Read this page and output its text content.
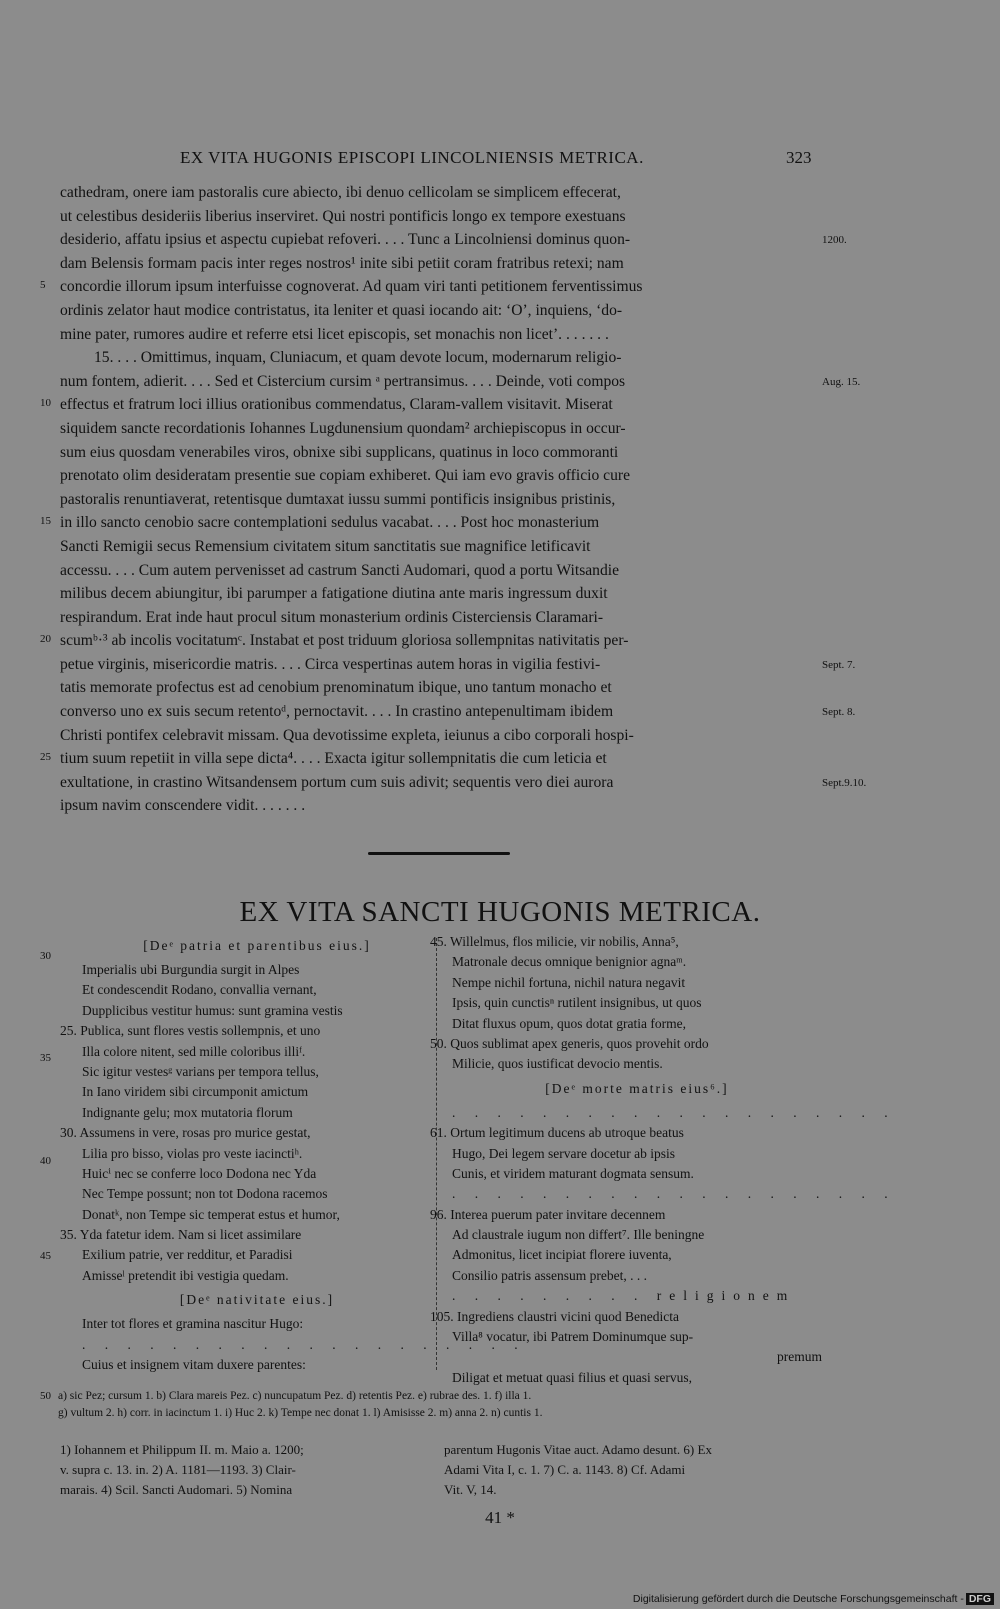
EX VITA HUGONIS EPISCOPI LINCOLNIENSIS METRICA.	323
cathedram, onere iam pastoralis cure abiecto, ibi denuo cellicolam se simplicem effecerat,
ut celestibus desideriis liberius inserviret. Qui nostri pontificis longo ex tempore exestuans
desiderio, affatu ipsius et aspectu cupiebat refoveri. . . . Tunc a Lincolniensi dominus quon-
dam Belensis formam pacis inter reges nostros¹ inite sibi petiit coram fratribus retexi; nam
concordie illorum ipsum interfuisse cognoverat. Ad quam viri tanti petitionem ferventissimus
ordinis zelator haut modice contristatus, ita leniter et quasi iocando ait: ‘O’, inquiens, ‘do-
mine pater, rumores audire et referre etsi licet episcopis, set monachis non licet’. . . . . . .
15. . . . Omittimus, inquam, Cluniacum, et quam devote locum, modernarum religio-
num fontem, adierit. . . . Sed et Cistercium cursim ᵃ pertransimus. . . . Deinde, voti compos
effectus et fratrum loci illius orationibus commendatus, Claram-vallem visitavit. Miserat
siquidem sancte recordationis Iohannes Lugdunensium quondam² archiepiscopus in occur-
sum eius quosdam venerabiles viros, obnixe sibi supplicans, quatinus in loco commoranti
prenotato olim desideratam presentie sue copiam exhiberet. Qui iam evo gravis officio cure
pastoralis renuntiaverat, retentisque dumtaxat iussu summi pontificis insignibus pristinis,
in illo sancto cenobio sacre contemplationi sedulus vacabat. . . . Post hoc monasterium
Sancti Remigii secus Remensium civitatem situm sanctitatis sue magnifice letificavit
accessu. . . . Cum autem pervenisset ad castrum Sancti Audomari, quod a portu Witsandie
milibus decem abiungitur, ibi parumper a fatigatione diutina ante maris ingressum duxit
respirandum. Erat inde haut procul situm monasterium ordinis Cisterciensis Claramari-
scumᵇ·³ ab incolis vocitatumᶜ. Instabat et post triduum gloriosa sollempnitas nativitatis per-
petue virginis, misericordie matris. . . . Circa vespertinas autem horas in vigilia festivi-
tatis memorate profectus est ad cenobium prenominatum ibique, uno tantum monacho et
converso uno ex suis secum retentoᵈ, pernoctavit. . . . In crastino antepenultimam ibidem
Christi pontifex celebravit missam. Qua devotissime expleta, ieiunus a cibo corporali hospi-
tium suum repetiit in villa sepe dicta⁴. . . . Exacta igitur sollempnitatis die cum leticia et
exultatione, in crastino Witsandensem portum cum suis adivit; sequentis vero diei aurora
ipsum navim conscendere vidit. . . . . . .
5
10
15
20
25
1200.
Aug. 15.
Sept. 7.
Sept. 8.
Sept.9.10.
EX VITA SANCTI HUGONIS METRICA.
[Deᵉ patria et parentibus eius.]
Imperialis ubi Burgundia surgit in Alpes
Et condescendit Rodano, convallia vernant,
Dupplicibus vestitur humus: sunt gramina vestis
25. Publica, sunt flores vestis sollempnis, et uno
Illa colore nitent, sed mille coloribus illiᶠ.
Sic igitur vestesᵍ varians per tempora tellus,
In Iano viridem sibi circumponit amictum
Indignante gelu; mox mutatoria florum
30. Assumens in vere, rosas pro murice gestat,
Lilia pro bisso, violas pro veste iacinctiʰ.
Huicⁱ nec se conferre loco Dodona nec Yda
Nec Tempe possunt; non tot Dodona racemos
Donatᵏ, non Tempe sic temperat estus et humor,
35. Yda fatetur idem. Nam si licet assimilare
Exilium patrie, ver redditur, et Paradisi
Amisseˡ pretendit ibi vestigia quedam.
[Deᵉ nativitate eius.]
Inter tot flores et gramina nascitur Hugo:
. . . . . . . . . . . . . . . . . . . .
Cuius et insignem vitam duxere parentes:
45. Willelmus, flos milicie, vir nobilis, Anna⁵,
Matronale decus omnique benignior agnaᵐ.
Nempe nichil fortuna, nichil natura negavit
Ipsis, quin cunctisⁿ rutilent insignibus, ut quos
Ditat fluxus opum, quos dotat gratia forme,
50. Quos sublimat apex generis, quos provehit ordo
Milicie, quos iustificat devocio mentis.
[Deᵉ morte matris eius⁶.]
. . . . . . . . . . . . . . . . . . . .
61. Ortum legitimum ducens ab utroque beatus
Hugo, Dei legem servare docetur ab ipsis
Cunis, et viridem maturant dogmata sensum.
. . . . . . . . . . . . . . . . . . . .
96. Interea puerum pater invitare decennem
Ad claustrale iugum non differt⁷. Ille beningne
Admonitus, licet incipiat florere iuventa,
Consilio patris assensum prebet, . . .
. . . . . . . . . religionem
105. Ingrediens claustri vicini quod Benedicta
Villa⁸ vocatur, ibi Patrem Dominumque sup-
premum
Diligat et metuat quasi filius et quasi servus,
30
35
40
45
50 a) sic Pez; cursum 1. b) Clara mareis Pez. c) nuncupatum Pez. d) retentis Pez. e) rubrae des. 1. f) illa 1.
g) vultum 2. h) corr. in iacinctum 1. i) Huc 2. k) Tempe nec donat 1. l) Amisisse 2. m) anna 2. n) cuntis 1.
1) Iohannem et Philippum II. m. Maio a. 1200;
v. supra c. 13. in. 2) A. 1181—1193. 3) Clair-
marais. 4) Scil. Sancti Audomari. 5) Nomina
parentum Hugonis Vitae auct. Adamo desunt. 6) Ex
Adami Vita I, c. 1. 7) C. a. 1143. 8) Cf. Adami
Vit. V, 14.
41 *
Digitalisierung gefördert durch die Deutsche Forschungsgemeinschaft - DFG
